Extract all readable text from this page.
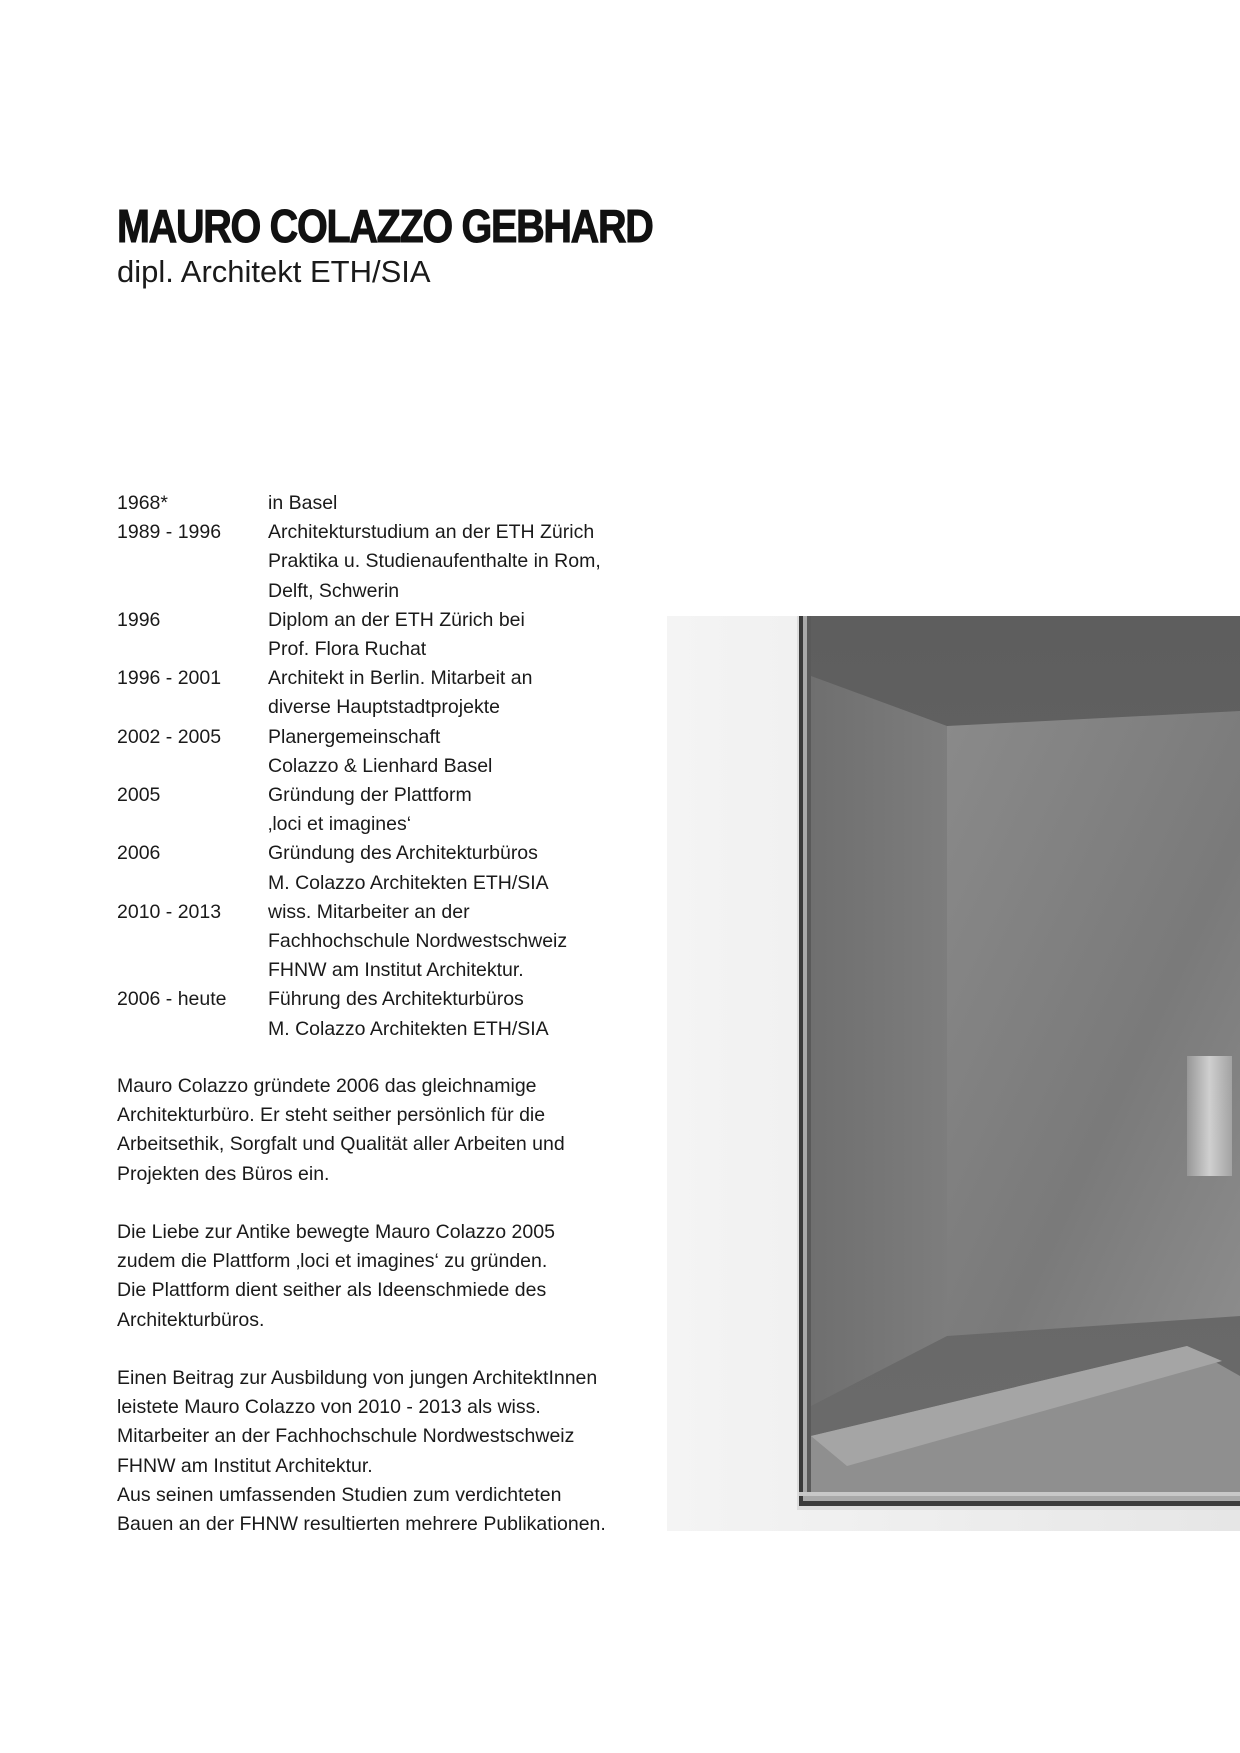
MAURO COLAZZO GEBHARD
dipl. Architekt ETH/SIA
1968*	in Basel
1989 - 1996	Architekturstudium an der ETH Zürich
Praktika u. Studienaufenthalte in Rom,
Delft, Schwerin
1996	Diplom an der ETH Zürich bei
Prof. Flora Ruchat
1996 - 2001	Architekt in Berlin. Mitarbeit an
diverse Hauptstadtprojekte
2002 - 2005	Planergemeinschaft
Colazzo & Lienhard Basel
2005	Gründung der Plattform
‚loci et imagines‘
2006	Gründung des Architekturbüros
M. Colazzo Architekten ETH/SIA
2010 - 2013	wiss. Mitarbeiter an der
Fachhochschule Nordwestschweiz
FHNW am Institut Architektur.
2006 - heute	Führung des Architekturbüros
M. Colazzo Architekten ETH/SIA
Mauro Colazzo gründete 2006 das gleichnamige
Architekturbüro. Er steht seither persönlich für die
Arbeitsethik, Sorgfalt und Qualität aller Arbeiten und
Projekten des Büros ein.
Die Liebe zur Antike bewegte Mauro Colazzo 2005
zudem die Plattform ‚loci et imagines‘ zu gründen.
Die Plattform dient seither als Ideenschmiede des
Architekturbüros.
Einen Beitrag zur Ausbildung von jungen ArchitektInnen
leistete Mauro Colazzo von 2010 - 2013 als wiss.
Mitarbeiter an der Fachhochschule Nordwestschweiz
FHNW am Institut Architektur.
Aus seinen umfassenden Studien zum verdichteten
Bauen an der FHNW resultierten mehrere Publikationen.
